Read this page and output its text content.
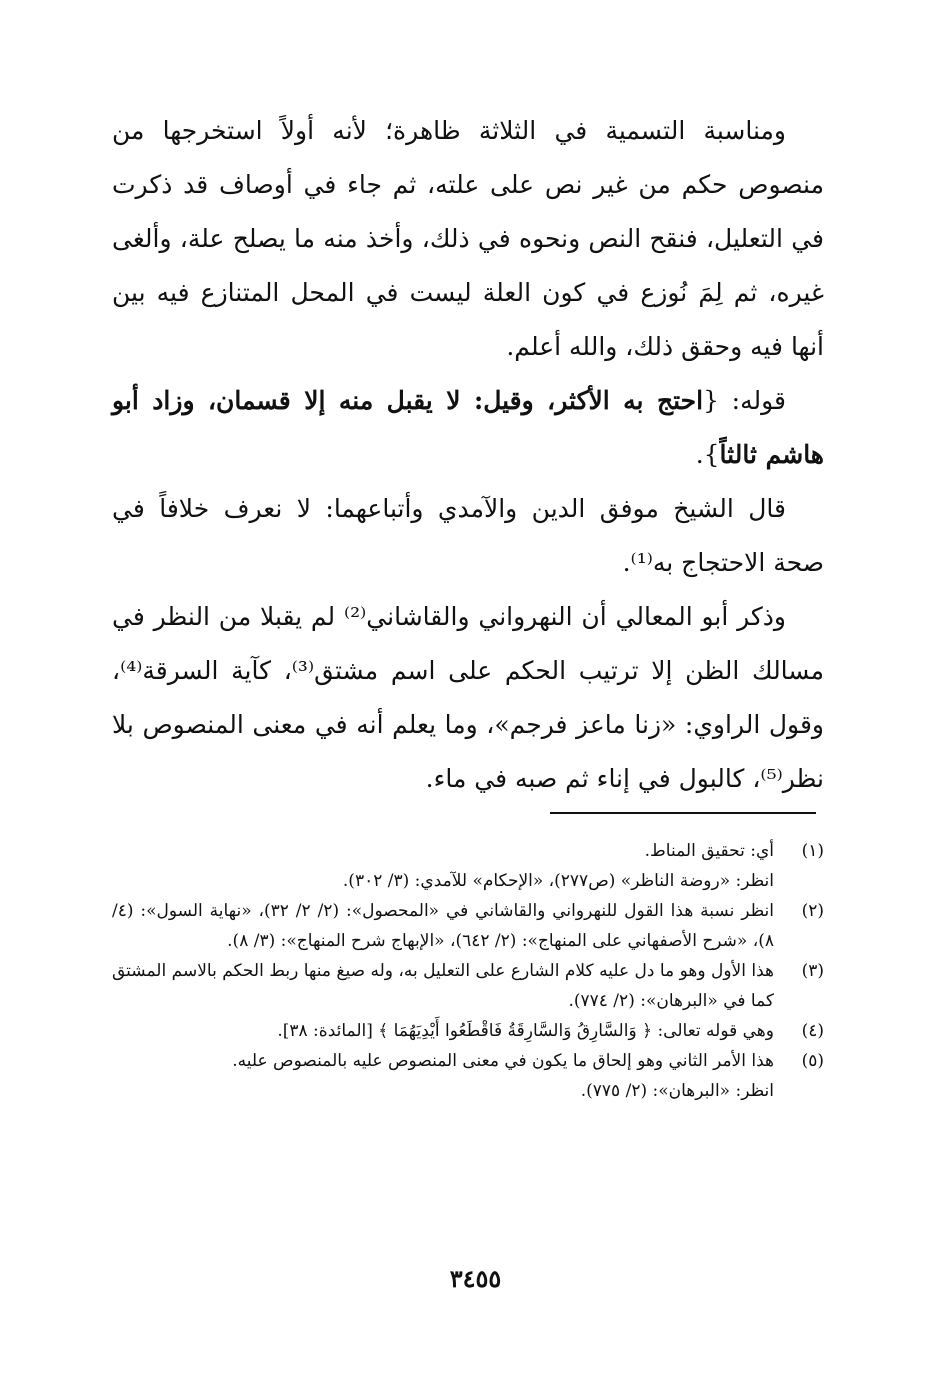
ومناسبة التسمية في الثلاثة ظاهرة؛ لأنه أولاً استخرجها من منصوص حكم من غير نص على علته، ثم جاء في أوصاف قد ذكرت في التعليل، فنقح النص ونحوه في ذلك، وأخذ منه ما يصلح علة، وألغى غيره، ثم لِمَ نُوزع في كون العلة ليست في المحل المتنازع فيه بين أنها فيه وحقق ذلك، والله أعلم.

قوله: {احتج به الأكثر، وقيل: لا يقبل منه إلا قسمان، وزاد أبو هاشم ثالثاً}.

قال الشيخ موفق الدين والآمدي وأتباعهما: لا نعرف خلافاً في صحة الاحتجاج به⁽¹⁾.

وذكر أبو المعالي أن النهرواني والقاشاني⁽²⁾ لم يقبلا من النظر في مسالك الظن إلا ترتيب الحكم على اسم مشتق⁽³⁾، كآية السرقة⁽⁴⁾، وقول الراوي: «زنا ماعز فرجم»، وما يعلم أنه في معنى المنصوص بلا نظر⁽⁵⁾، كالبول في إناء ثم صبه في ماء.

(١)
أي: تحقيق المناط.
انظر: «روضة الناظر» (ص٢٧٧)، «الإحكام» للآمدي: (٣/ ٣٠٢).
(٢)
انظر نسبة هذا القول للنهرواني والقاشاني في «المحصول»: (٢/ ٢/ ٣٢)، «نهاية السول»: (٤/ ٨)، «شرح الأصفهاني على المنهاج»: (٢/ ٦٤٢)، «الإبهاج شرح المنهاج»: (٣/ ٨).
(٣)
هذا الأول وهو ما دل عليه كلام الشارع على التعليل به، وله صيغ منها ربط الحكم بالاسم المشتق كما في «البرهان»: (٢/ ٧٧٤).
(٤)
وهي قوله تعالى: ﴿ وَالسَّارِقُ وَالسَّارِقَةُ فَاقْطَعُوا أَيْدِيَهُمَا ﴾ [المائدة: ٣٨].
(٥)
هذا الأمر الثاني وهو إلحاق ما يكون في معنى المنصوص عليه بالمنصوص عليه.
انظر: «البرهان»: (٢/ ٧٧٥).
٣٤٥٥
